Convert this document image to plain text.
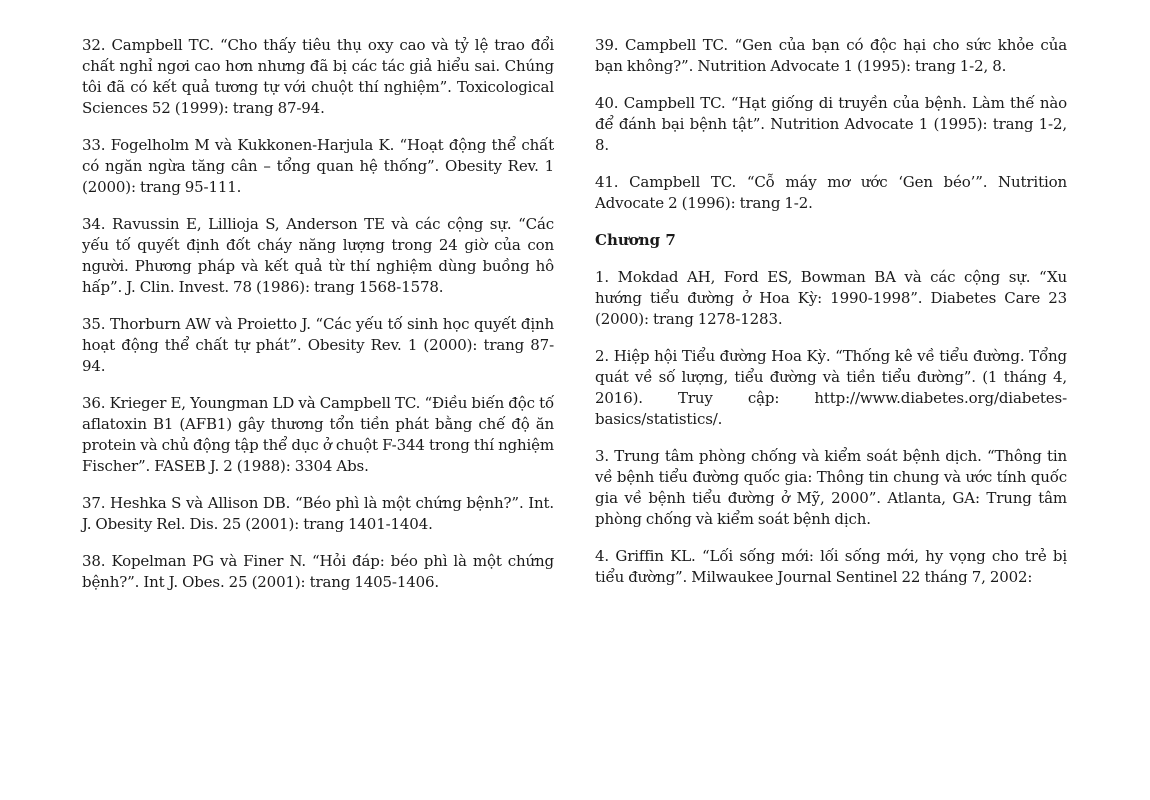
32. Campbell TC. “Cho thấy tiêu thụ oxy cao và tỷ lệ trao đổi chất nghỉ ngơi cao hơn nhưng đã bị các tác giả hiểu sai. Chúng tôi đã có kết quả tương tự với chuột thí nghiệm”. Toxicological Sciences 52 (1999): trang 87-94.

33. Fogelholm M và Kukkonen-Harjula K. “Hoạt động thể chất có ngăn ngừa tăng cân – tổng quan hệ thống”. Obesity Rev. 1 (2000): trang 95-111.

34. Ravussin E, Lillioja S, Anderson TE và các cộng sự. “Các yếu tố quyết định đốt cháy năng lượng trong 24 giờ của con người. Phương pháp và kết quả từ thí nghiệm dùng buồng hô hấp”. J. Clin. Invest. 78 (1986): trang 1568-1578.

35. Thorburn AW và Proietto J. “Các yếu tố sinh học quyết định hoạt động thể chất tự phát”. Obesity Rev. 1 (2000): trang 87-94.

36. Krieger E, Youngman LD và Campbell TC. “Điều biến độc tố aflatoxin B1 (AFB1) gây thương tổn tiền phát bằng chế độ ăn protein và chủ động tập thể dục ở chuột F-344 trong thí nghiệm Fischer”. FASEB J. 2 (1988): 3304 Abs.

37. Heshka S và Allison DB. “Béo phì là một chứng bệnh?”. Int. J. Obesity Rel. Dis. 25 (2001): trang 1401-1404.

38. Kopelman PG và Finer N. “Hỏi đáp: béo phì là một chứng bệnh?”. Int J. Obes. 25 (2001): trang 1405-1406.

39. Campbell TC. “Gen của bạn có độc hại cho sức khỏe của bạn không?”. Nutrition Advocate 1 (1995): trang 1-2, 8.

40. Campbell TC. “Hạt giống di truyền của bệnh. Làm thế nào để đánh bại bệnh tật”. Nutrition Advocate 1 (1995): trang 1-2, 8.

41. Campbell TC. “Cỗ máy mơ ước ‘Gen béo’”. Nutrition Advocate 2 (1996): trang 1-2.

Chương 7

1. Mokdad AH, Ford ES, Bowman BA và các cộng sự. “Xu hướng tiểu đường ở Hoa Kỳ: 1990-1998”. Diabetes Care 23 (2000): trang 1278-1283.

2. Hiệp hội Tiểu đường Hoa Kỳ. “Thống kê về tiểu đường. Tổng quát về số lượng, tiểu đường và tiền tiểu đường”. (1 tháng 4, 2016). Truy cập: http://www.diabetes.org/diabetes-basics/statistics/.

3. Trung tâm phòng chống và kiểm soát bệnh dịch. “Thông tin về bệnh tiểu đường quốc gia: Thông tin chung và ước tính quốc gia về bệnh tiểu đường ở Mỹ, 2000”. Atlanta, GA: Trung tâm phòng chống và kiểm soát bệnh dịch.

4. Griffin KL. “Lối sống mới: lối sống mới, hy vọng cho trẻ bị tiểu đường”. Milwaukee Journal Sentinel 22 tháng 7, 2002:
